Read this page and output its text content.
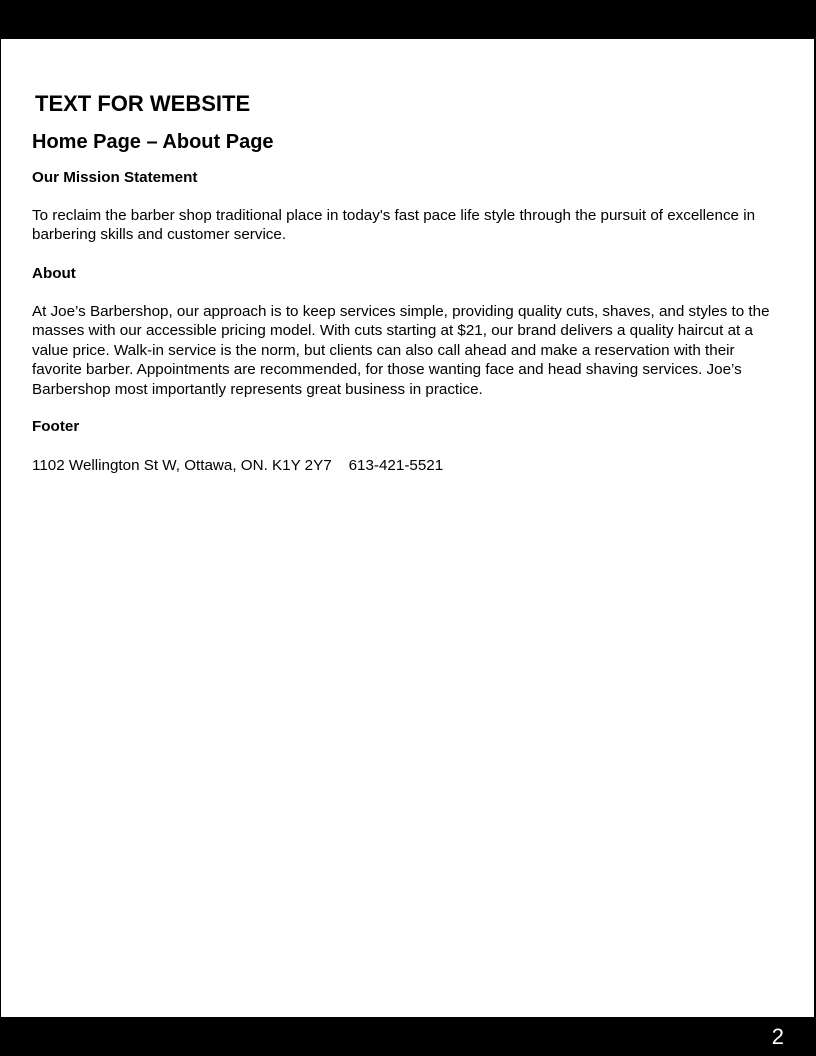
TEXT FOR WEBSITE
Home Page – About Page
Our Mission Statement
To reclaim the barber shop traditional place in today's fast pace life style through the pursuit of excellence in barbering skills and customer service.
About
At Joe’s Barbershop, our approach is to keep services simple, providing quality cuts, shaves, and styles to the masses with our accessible pricing model. With cuts starting at $21, our brand delivers a quality haircut at a value price. Walk-in service is the norm, but clients can also call ahead and make a reservation with their favorite barber. Appointments are recommended, for those wanting face and head shaving services. Joe’s Barbershop most importantly represents great business in practice.
Footer
1102 Wellington St W, Ottawa, ON. K1Y 2Y7 613-421-5521
2
